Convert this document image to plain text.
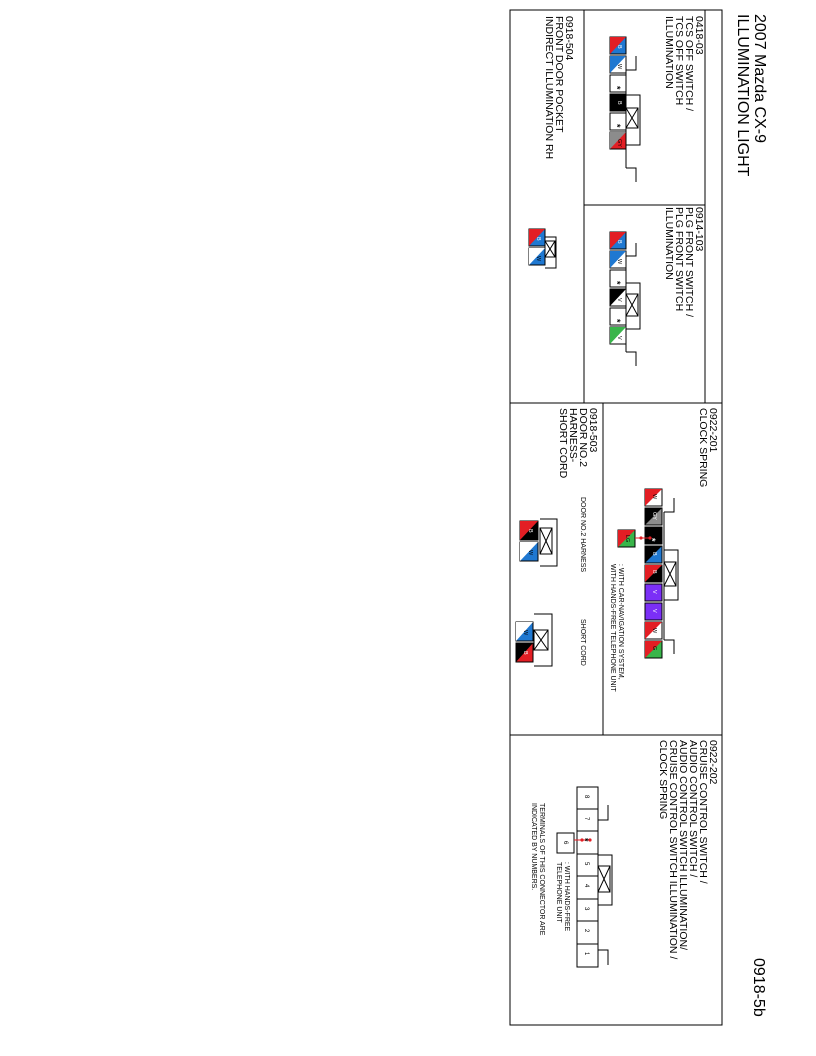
2007 Mazda CX-9
ILLUMINATION LIGHT
0918-5b
0418-03
TCS OFF SWITCH /
TCS OFF SWITCH
ILLUMINATION
0914-103
PLG FRONT SWITCH /
PLG FRONT SWITCH
ILLUMINATION
0918-504
FRONT DOOR POCKET
INDIRECT ILLUMINATION RH
0922-201
CLOCK SPRING
0918-503
DOOR NO.2
HARNESS-
SHORT CORD
0922-202
CRUISE CONTROL SWITCH /
AUDIO CONTROL SWITCH /
AUDIO CONTROL SWITCH ILLUMINATION/
CRUISE CONTROL SWITCH ILLUMINATION /
CLOCK SPRING
: WITH CAR-NAVIGATION SYSTEM,
WITH HANDS-FREE TELEPHONE UNIT
DOOR NO.2 HARNESS
SHORT CORD
: WITH HANDS-FREE
TELEPHONE UNIT
TERMINALS OF THIS CONNECTOR ARE
INDICATED BY NUMBERS.
B
W
*
B
*
GY
B
W
*
V
*
V
B
W
W
GY
*
B
B
V
V
W
G
LG
B
W
W
B
8
7
*
5
4
3
2
1
6
